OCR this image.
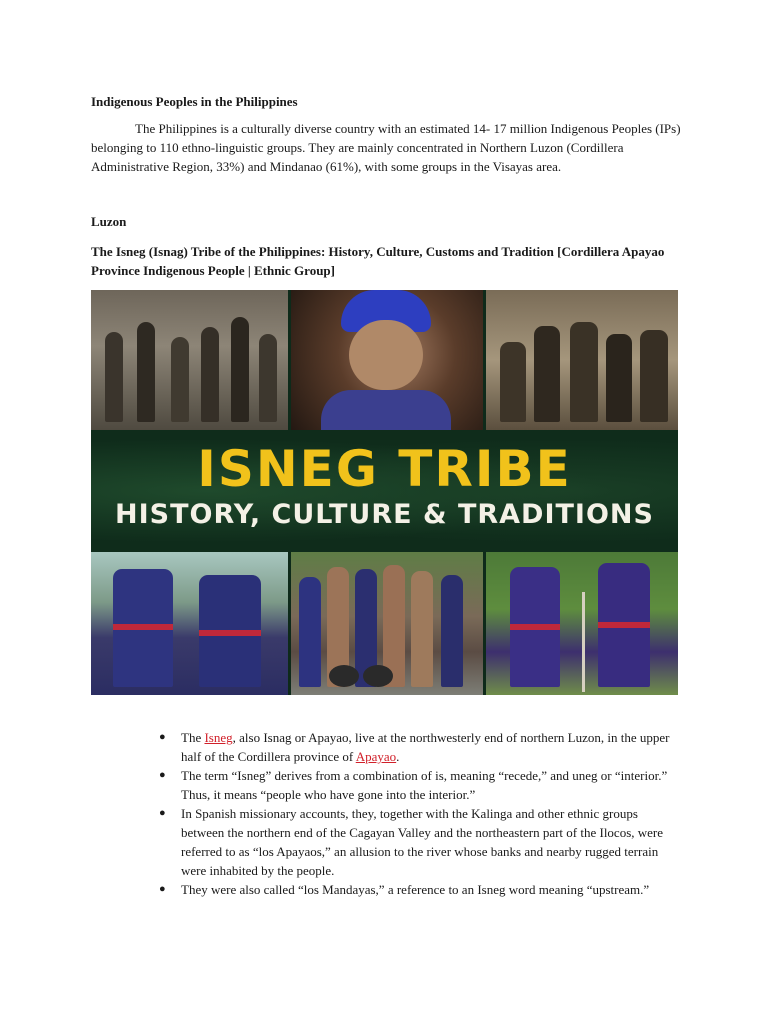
Indigenous Peoples in the Philippines

The Philippines is a culturally diverse country with an estimated 14- 17 million Indigenous Peoples (IPs) belonging to 110 ethno-linguistic groups. They are mainly concentrated in Northern Luzon (Cordillera Administrative Region, 33%) and Mindanao (61%), with some groups in the Visayas area.

Luzon

The Isneg (Isnag) Tribe of the Philippines: History, Culture, Customs and Tradition [Cordillera Apayao Province Indigenous People | Ethnic Group]

ISNEG TRIBE

HISTORY, CULTURE & TRADITIONS

● The Isneg, also Isnag or Apayao, live at the northwesterly end of northern Luzon, in the upper half of the Cordillera province of Apayao.
● The term “Isneg” derives from a combination of is, meaning “recede,” and uneg or “interior.” Thus, it means “people who have gone into the interior.”
● In Spanish missionary accounts, they, together with the Kalinga and other ethnic groups between the northern end of the Cagayan Valley and the northeastern part of the Ilocos, were referred to as “los Apayaos,” an allusion to the river whose banks and nearby rugged terrain were inhabited by the people.
● They were also called “los Mandayas,” a reference to an Isneg word meaning “upstream.”
